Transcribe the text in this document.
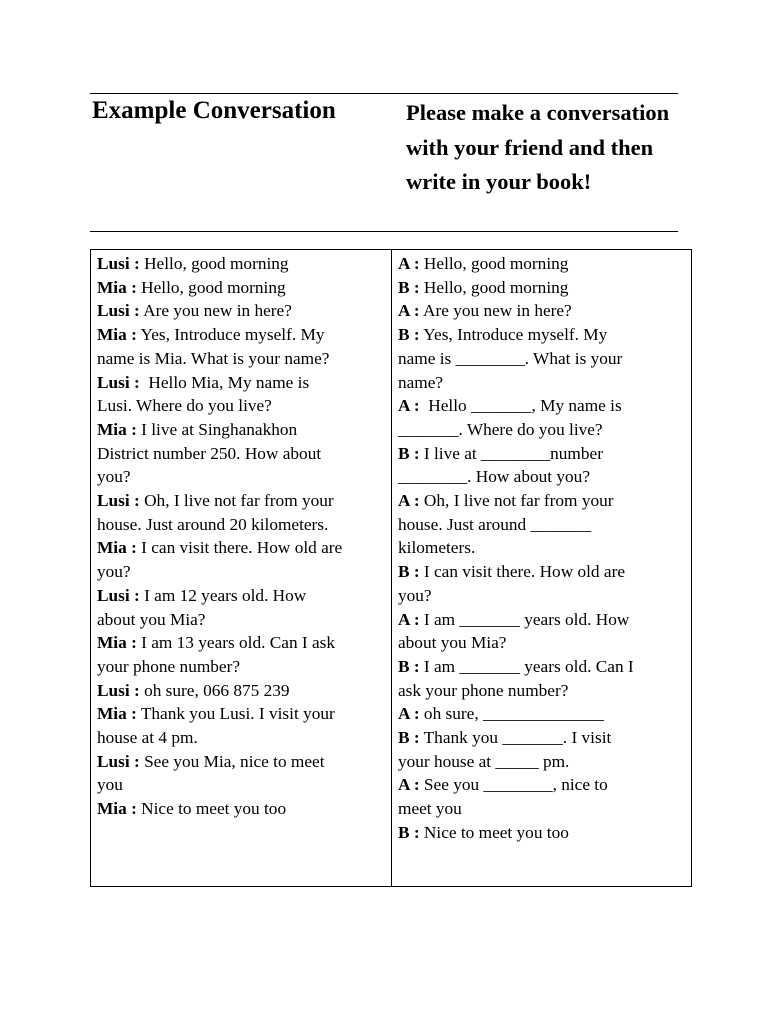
Example Conversation	Please make a conversation with your friend and then write in your book!
Lusi : Hello, good morning
Mia : Hello, good morning
Lusi : Are you new in here?
Mia : Yes, Introduce myself. My
name is Mia. What is your name?
Lusi :  Hello Mia, My name is
Lusi. Where do you live?
Mia : I live at Singhanakhon
District number 250. How about
you?
Lusi : Oh, I live not far from your
house. Just around 20 kilometers.
Mia : I can visit there. How old are
you?
Lusi : I am 12 years old. How
about you Mia?
Mia : I am 13 years old. Can I ask
your phone number?
Lusi : oh sure, 066 875 239
Mia : Thank you Lusi. I visit your
house at 4 pm.
Lusi : See you Mia, nice to meet
you
Mia : Nice to meet you too
A : Hello, good morning
B : Hello, good morning
A : Are you new in here?
B : Yes, Introduce myself. My
name is ________. What is your
name?
A :  Hello _______, My name is
_______. Where do you live?
B : I live at ________number
________. How about you?
A : Oh, I live not far from your
house. Just around _______
kilometers.
B : I can visit there. How old are
you?
A : I am _______ years old. How
about you Mia?
B : I am _______ years old. Can I
ask your phone number?
A : oh sure, ______________
B : Thank you _______. I visit
your house at _____ pm.
A : See you ________, nice to
meet you
B : Nice to meet you too
